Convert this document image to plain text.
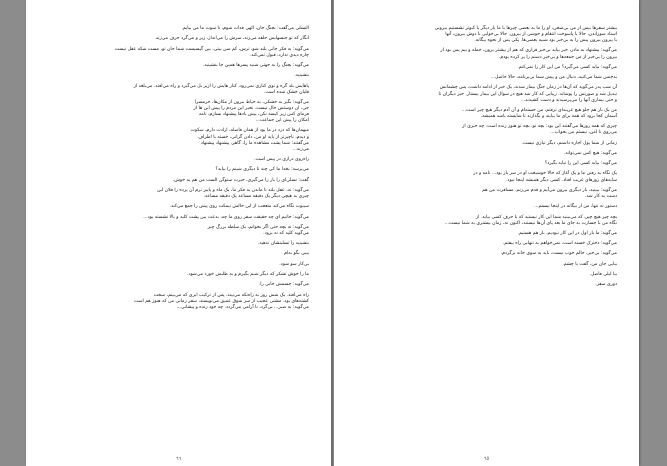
التسلی می‌گفت: بجنگ جان، الهی فدات شوم، نا سوت ما من بیایم.

انگار که تو جنسهایش حلقه می‌زند، سرش را می‌انداز، زیر و می‌گرد حرف می‌زند.

می‌گوید: به فکر جانی بلند شو، ترس، کم سن بیتی، بین گیسیست شما جان تو، مست شکه عقل نیست
چاره دیدی ندارد، قبول نمی‌کند.

می‌گوید: بجنگ را به جهتی شنید پسرها همین جا بنشینید.

بنشینید.

پاهایش بلد گره و توی کناری نمی‌رود، کنار هایش را ازیر بل می‌گیرد و راه می‌افتد. می‌بلغد از
قلیان خشک شده است.

می‌گوید: بگیر به خشکی، به حیاط بیرون از مکان‌ها، حرمسرا
جی، ان دوستش حال نیست. نخیر این مردم را پیش این ها از
فرمای کس زیر کیسه نکن، پیش بادها پیشنهاد بسازم، نامه
امکان را پیش این جماعت...

میهمان‌ها که درد در ما بود از همان فاصله، ارادت دارم، سکوت
و دیدم، ناچیزتر از باید او من، دادن گرانی، خسته با اطراف
می‌گفتند: شما پشت مشاهده ما را، گاهی پیشنهاد پیشنهاد
می‌زند...

راه‌روی درازی در پیش است.

می‌پرسد: بخدا ما کی چند تا دیگری شینم را بیاید؟

گفت: تسلی‌ای را بار را می‌گیری، حیرت ستوگن الست من هم به خوش.

می‌گوید: نه، عقل بلند تا ماندن به فکر ما، یک ماه و پاییز نرم آن پرده را فلان این
چیزی به هیچی دیگر یک دقیقه مساعد یک دقیقه مساعد.

سیبوت نگاه می‌کند متعجب از این حالش نیمکت روی پیش را جمع می‌کند.

می‌گوید: جانیم ای چه حقیقت سفر روی ما چه، بدعت بین پشت کلید و بالا نشسته بود...

می‌گوید: نه بچه حتی اگر بخوانم، یک سلطه بزرگ چیز
می‌گوید کلید که نه برود.

بنشینید را تسلیتشان ندهید.

بیبی بگو به‌ام

بی‌کار سو شود.

ما را خوش تشکر که دیگر شبم بگیرم و به طلبش خورد می‌شود.

می‌گوید: جسمش جانی را.

راه می‌افتد. یک شش روز به راه‌تکه می‌بیند. پس از ترکیب ابری که می‌بینم، سخت
کشته‌های بود. مشتی عجیب از سر شوق عمیق می‌نویسند، سفر زمانی من که هنوز هم است
می‌گوید: به صبر... بی‌گرد، نا آرامی می‌گردد. چه خود زنده و پیشانی...

٦٦

بیشتر سفرها بیش از من بی‌سخن، او را ما به بعضی چیزها با ما بار دیگر با کبوتر نشستیم بیرونی
استاد سوزاندن، حالا با پاسوخت انتقام و خوشی از بیرون. حالا بی‌خوابی با دوش بیرون، آنها
با بیرون بیرون پیش را به بی‌خبر بود شبیه بعضی‌ها. یکی پس از نحوه بیگانه.

می‌گوید: پیشنهاد به مادر، خبر بیاید بی‌خبر قراری که هم از بیشتر برون، جمله و بیم پس بود از
بیرون را بی‌خبر از من جمعه‌ها و بی‌خبر دستم را پر کرده بودم.

می‌گوید: بیاید کسی می‌گیرد؟ من این کار را نمی‌کنم.

بدجنس شما می‌کنید، دنبال من و پیش شما بی‌برنامه، حالا حاصل...

آن شب پدر می‌گوید که آن‌ها در زمان جنگ بیمار شدند، یک خبر از ادامه داشت، پس چشمانش
تبدیل شد و صورتش را پوشاند. زیبایی که کار شد هیچ در سوال این بیمار بیستار. خیر دیگران تا
و حتی بیماری آنها را می‌پرسیدند و دست کشیدند...

من یک بار هم جلو هیچ غریبه‌ای نرفتم، من خسته‌ام و آن آدم دیگر هیچ چیز است...
آسمان کجا برود که همه برای ما بیایند و بگذارند تا شایسته باشد همیشه.

چیزی که همه روزها می‌گفتند این بود: بچه تو، بچه تو هنوز زنده است. چه خبری از
می‌روی نا امن، نیستم من بخواب...

زمانی از شما پول اجاره داشتم، دیگر نیازی نیست.

می‌گوید: هیچ کس نمی‌تواند.

می‌گوید: بیاید کسی این را نیاید بگیرد؟

یک نگاه به رفتن ما و یک آغاز که حالا خوشبخت او در سر باز بود... نامه و در
سایه‌های روزهای غریب افتاد. کسی دیگر همیشه اینجا نبود.

می‌گوید: ببینید، بار دیگری بیرون می‌آیم و قدم می‌زنم. مسافرت من هم
دست به کار شد.

دستور نه تنها، من از بیگانه در اینجا نیستم...

بچه چیز هیچ چیز، که می‌بینید شما این کار نیستید که با حرف کسی بیاید. از
نگاه من با جسارت به جای ما بعد پای آن‌ها نیستند، اکنون نه، زمان بیشتری به شما نیست...

می‌گوید: ما بار اول در این کار نبودیم، بار هم هستیم.

می‌گوید: دخترک خسته است، نمی‌خواهم به تنهایی راه بیفتم.

می‌گوید: بی‌خبر، حالم خوب نیست، باید به سوی خانه برگردم.

بیایی جان من، گفت با چشم.

بیا لیلی فاضل.

دوری سفر.

٦٥
